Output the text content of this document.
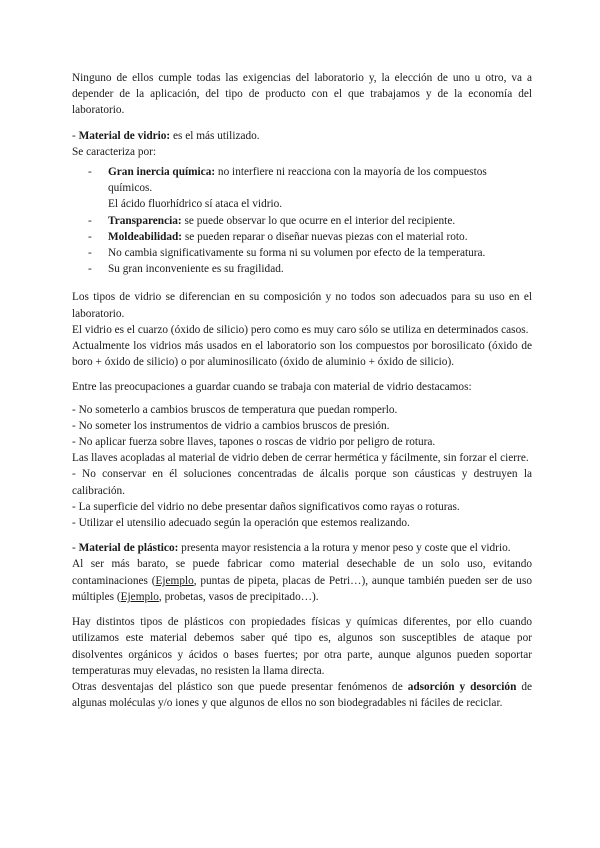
Ninguno de ellos cumple todas las exigencias del laboratorio y, la elección de uno u otro, va a depender de la aplicación, del tipo de producto con el que trabajamos y de la economía del laboratorio.

- Material de vidrio: es el más utilizado.

Se caracteriza por:

- Gran inercia química: no interfiere ni reacciona con la mayoría de los compuestos químicos.
El ácido fluorhídrico sí ataca el vidrio.
- Transparencia: se puede observar lo que ocurre en el interior del recipiente.
- Moldeabilidad: se pueden reparar o diseñar nuevas piezas con el material roto.
- No cambia significativamente su forma ni su volumen por efecto de la temperatura.
- Su gran inconveniente es su fragilidad.

Los tipos de vidrio se diferencian en su composición y no todos son adecuados para su uso en el laboratorio.

El vidrio es el cuarzo (óxido de silicio) pero como es muy caro sólo se utiliza en determinados casos.

Actualmente los vidrios más usados en el laboratorio son los compuestos por borosilicato (óxido de boro + óxido de silicio) o por aluminosilicato (óxido de aluminio + óxido de silicio).

Entre las preocupaciones a guardar cuando se trabaja con material de vidrio destacamos:

- No someterlo a cambios bruscos de temperatura que puedan romperlo.

- No someter los instrumentos de vidrio a cambios bruscos de presión.

- No aplicar fuerza sobre llaves, tapones o roscas de vidrio por peligro de rotura.

Las llaves acopladas al material de vidrio deben de cerrar hermética y fácilmente, sin forzar el cierre.

- No conservar en él soluciones concentradas de álcalis porque son cáusticas y destruyen la calibración.

- La superficie del vidrio no debe presentar daños significativos como rayas o roturas.

- Utilizar el utensilio adecuado según la operación que estemos realizando.

- Material de plástico: presenta mayor resistencia a la rotura y menor peso y coste que el vidrio.

Al ser más barato, se puede fabricar como material desechable de un solo uso, evitando contaminaciones (Ejemplo, puntas de pipeta, placas de Petri…), aunque también pueden ser de uso múltiples (Ejemplo, probetas, vasos de precipitado…).

Hay distintos tipos de plásticos con propiedades físicas y químicas diferentes, por ello cuando utilizamos este material debemos saber qué tipo es, algunos son susceptibles de ataque por disolventes orgánicos y ácidos o bases fuertes; por otra parte, aunque algunos pueden soportar temperaturas muy elevadas, no resisten la llama directa.

Otras desventajas del plástico son que puede presentar fenómenos de adsorción y desorción de algunas moléculas y/o iones y que algunos de ellos no son biodegradables ni fáciles de reciclar.
